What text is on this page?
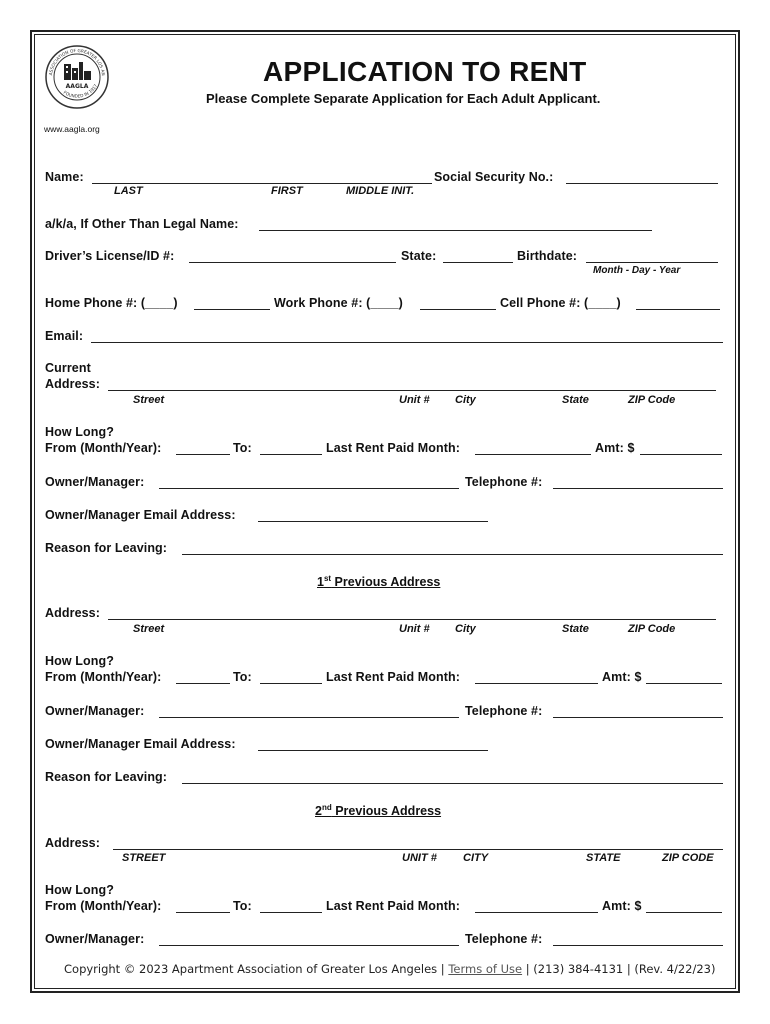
ASSOCIATION OF GREATER LOS AN
FOUNDED IN 1917
AAGLA
www.aagla.org
APPLICATION TO RENT
Please Complete Separate Application for Each Adult Applicant.
Name:	Social Security No.:
LAST	FIRST	MIDDLE INIT.
a/k/a, If Other Than Legal Name:
Driver’s License/ID #:	State:	Birthdate:
Month - Day - Year
Home Phone #: (____)	Work Phone #: (____)	Cell Phone #: (____)
Email:
Current
Address:
Street	Unit # City	State	ZIP Code
How Long?
From (Month/Year):	To:	Last Rent Paid Month:	Amt: $
Owner/Manager:	Telephone #:
Owner/Manager Email Address:
Reason for Leaving:
1st Previous Address
Address:
Street	Unit # City	State	ZIP Code
How Long?
From (Month/Year):	To:	Last Rent Paid Month:	Amt: $
Owner/Manager:	Telephone #:
Owner/Manager Email Address:
Reason for Leaving:
2nd Previous Address
Address:
STREET	UNIT # CITY	STATE	ZIP CODE
How Long?
From (Month/Year):	To:	Last Rent Paid Month:	Amt: $
Owner/Manager:	Telephone #:
Copyright © 2023 Apartment Association of Greater Los Angeles | Terms of Use | (213) 384-4131 | (Rev. 4/22/23)
